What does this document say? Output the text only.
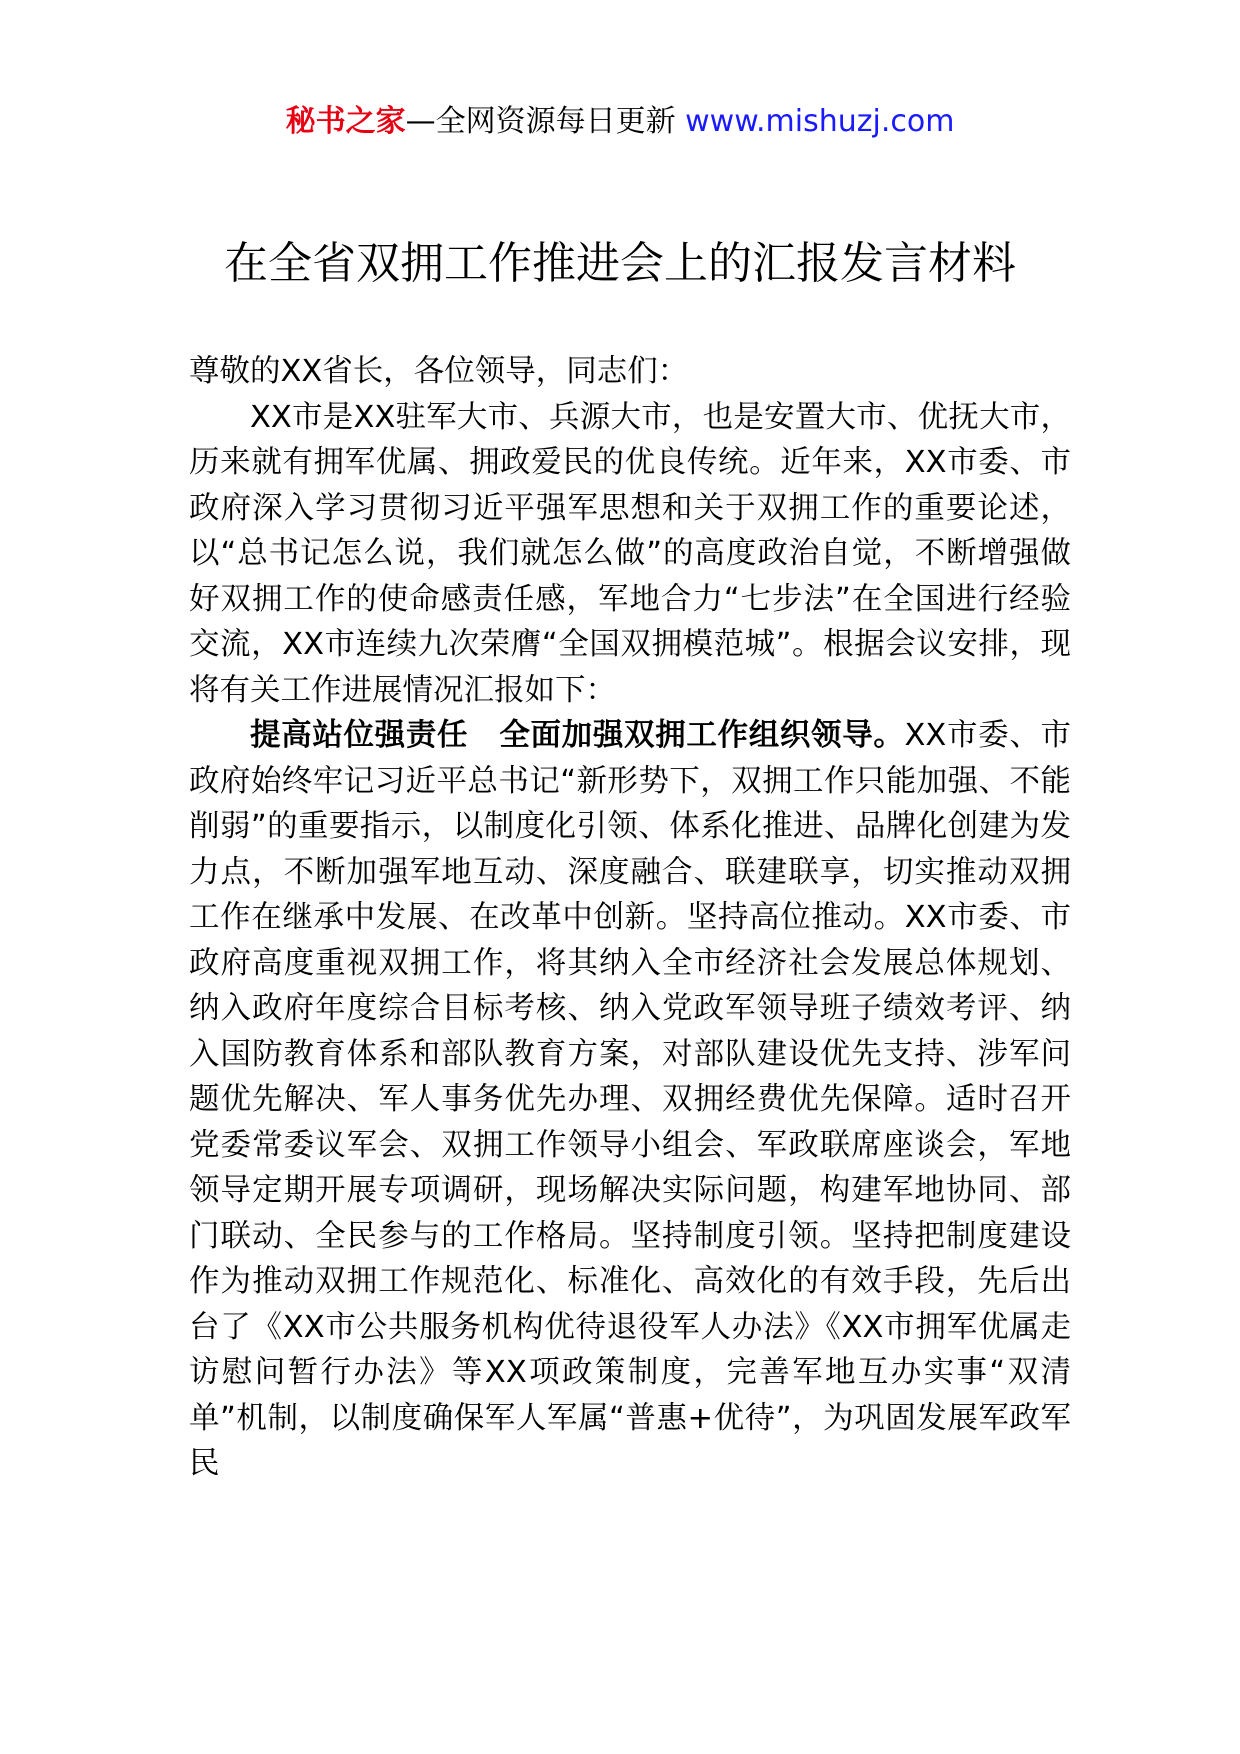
秘书之家—全网资源每日更新 www.mishuzj.com
在全省双拥工作推进会上的汇报发言材料

尊敬的XX省长，各位领导，同志们：

XX市是XX驻军大市、兵源大市，也是安置大市、优抚大市，历来就有拥军优属、拥政爱民的优良传统。近年来，XX市委、市政府深入学习贯彻习近平强军思想和关于双拥工作的重要论述，以“总书记怎么说，我们就怎么做”的高度政治自觉，不断增强做好双拥工作的使命感责任感，军地合力“七步法”在全国进行经验交流，XX市连续九次荣膺“全国双拥模范城”。根据会议安排，现将有关工作进展情况汇报如下：

提高站位强责任　全面加强双拥工作组织领导。XX市委、市政府始终牢记习近平总书记“新形势下，双拥工作只能加强、不能削弱”的重要指示，以制度化引领、体系化推进、品牌化创建为发力点，不断加强军地互动、深度融合、联建联享，切实推动双拥工作在继承中发展、在改革中创新。坚持高位推动。XX市委、市政府高度重视双拥工作，将其纳入全市经济社会发展总体规划、纳入政府年度综合目标考核、纳入党政军领导班子绩效考评、纳入国防教育体系和部队教育方案，对部队建设优先支持、涉军问题优先解决、军人事务优先办理、双拥经费优先保障。适时召开党委常委议军会、双拥工作领导小组会、军政联席座谈会，军地领导定期开展专项调研，现场解决实际问题，构建军地协同、部门联动、全民参与的工作格局。坚持制度引领。坚持把制度建设作为推动双拥工作规范化、标准化、高效化的有效手段，先后出台了《XX市公共服务机构优待退役军人办法》《XX市拥军优属走访慰问暂行办法》等XX项政策制度，完善军地互办实事“双清单”机制，以制度确保军人军属“普惠+优待”，为巩固发展军政军民
